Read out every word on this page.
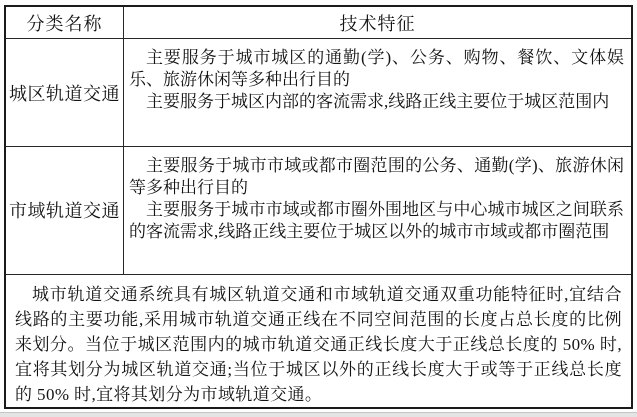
分类名称	技术特征
城区轨道交通

主要服务于城市城区的通勤(学)、公务、购物、餐饮、文体娱乐、旅游休闲等多种出行目的

主要服务于城区内部的客流需求,线路正线主要位于城区范围内

市域轨道交通

主要服务于城市市域或都市圈范围的公务、通勤(学)、旅游休闲等多种出行目的

主要服务于城市市域或都市圈外围地区与中心城市城区之间联系的客流需求,线路正线主要位于城区以外的城市市域或都市圈范围

城市轨道交通系统具有城区轨道交通和市域轨道交通双重功能特征时,宜结合线路的主要功能,采用城市轨道交通正线在不同空间范围的长度占总长度的比例来划分。当位于城区范围内的城市轨道交通正线长度大于正线总长度的 50% 时,宜将其划分为城区轨道交通;当位于城区以外的正线长度大于或等于正线总长度的 50% 时,宜将其划分为市域轨道交通。
